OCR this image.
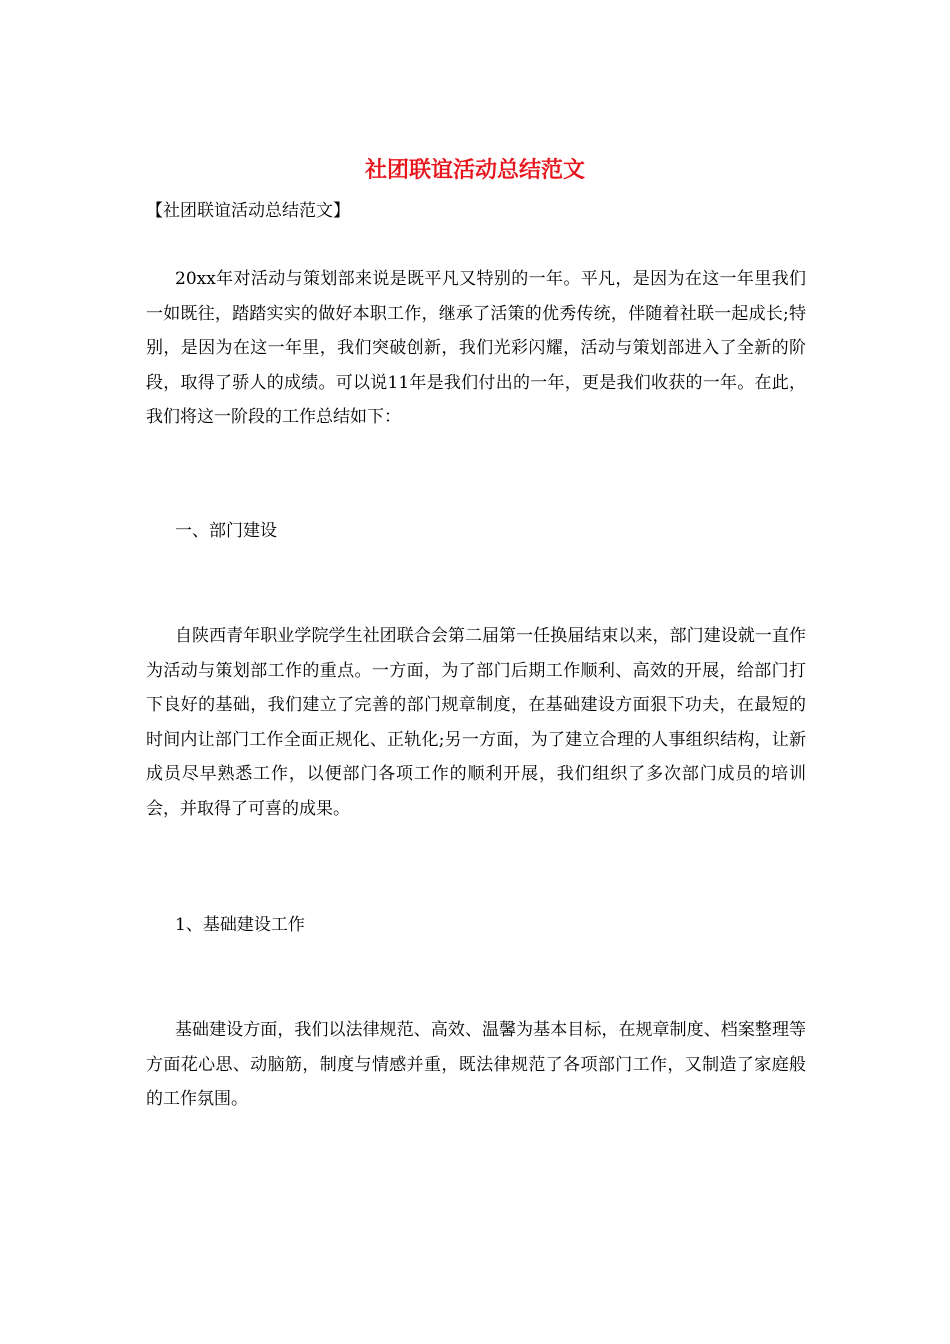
社团联谊活动总结范文
【社团联谊活动总结范文】

20xx年对活动与策划部来说是既平凡又特别的一年。平凡，是因为在这一年里我们一如既往，踏踏实实的做好本职工作，继承了活策的优秀传统，伴随着社联一起成长;特别，是因为在这一年里，我们突破创新，我们光彩闪耀，活动与策划部进入了全新的阶段，取得了骄人的成绩。可以说11年是我们付出的一年，更是我们收获的一年。在此，我们将这一阶段的工作总结如下：

一、部门建设

自陕西青年职业学院学生社团联合会第二届第一任换届结束以来，部门建设就一直作为活动与策划部工作的重点。一方面，为了部门后期工作顺利、高效的开展，给部门打下良好的基础，我们建立了完善的部门规章制度，在基础建设方面狠下功夫，在最短的时间内让部门工作全面正规化、正轨化;另一方面，为了建立合理的人事组织结构，让新成员尽早熟悉工作，以便部门各项工作的顺利开展，我们组织了多次部门成员的培训会，并取得了可喜的成果。

1、基础建设工作

基础建设方面，我们以法律规范、高效、温馨为基本目标，在规章制度、档案整理等方面花心思、动脑筋，制度与情感并重，既法律规范了各项部门工作，又制造了家庭般的工作氛围。
